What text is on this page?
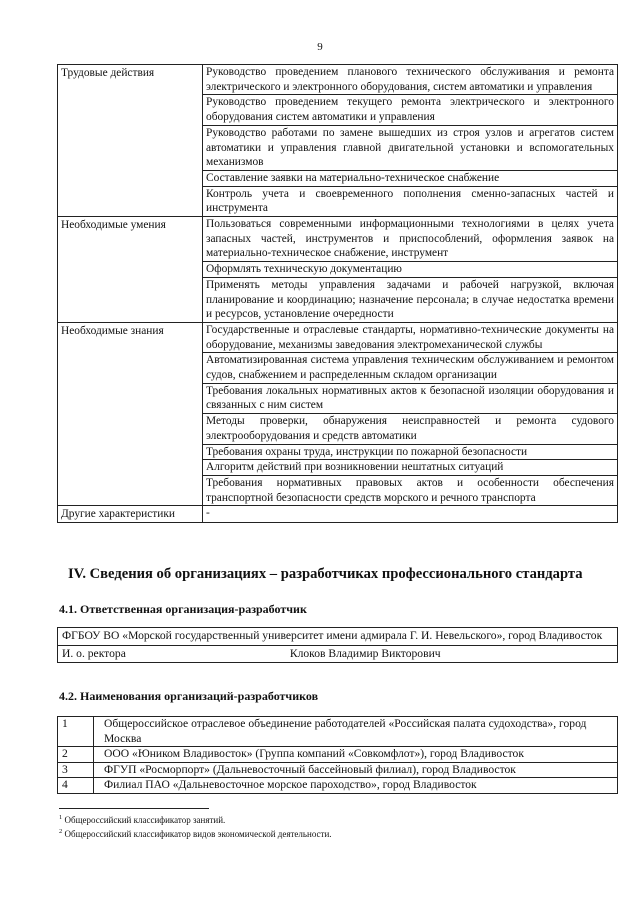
9
Трудовые действия	Руководство проведением планового технического обслуживания и ремонта электрического и электронного оборудования, систем автоматики и управления
	Руководство проведением текущего ремонта электрического и электронного оборудования систем автоматики и управления
	Руководство работами по замене вышедших из строя узлов и агрегатов систем автоматики и управления главной двигательной установки и вспомогательных механизмов
	Составление заявки на материально-техническое снабжение
	Контроль учета и своевременного пополнения сменно-запасных частей и инструмента
Необходимые умения	Пользоваться современными информационными технологиями в целях учета запасных частей, инструментов и приспособлений, оформления заявок на материально-техническое снабжение, инструмент
	Оформлять техническую документацию
	Применять методы управления задачами и рабочей нагрузкой, включая планирование и координацию; назначение персонала; в случае недостатка времени и ресурсов, установление очередности
Необходимые знания	Государственные и отраслевые стандарты, нормативно-технические документы на оборудование, механизмы заведования электромеханической службы
	Автоматизированная система управления техническим обслуживанием и ремонтом судов, снабжением и распределенным складом организации
	Требования локальных нормативных актов к безопасной изоляции оборудования и связанных с ним систем
	Методы проверки, обнаружения неисправностей и ремонта судового электрооборудования и средств автоматики
	Требования охраны труда, инструкции по пожарной безопасности
	Алгоритм действий при возникновении нештатных ситуаций
	Требования нормативных правовых актов и особенности обеспечения транспортной безопасности средств морского и речного транспорта
Другие характеристики	-
IV. Сведения об организациях – разработчиках профессионального стандарта
4.1. Ответственная организация-разработчик
ФГБОУ ВО «Морской государственный университет имени адмирала Г. И. Невельского», город Владивосток
И. о. ректора	Клоков Владимир Викторович
4.2. Наименования организаций-разработчиков
1	Общероссийское отраслевое объединение работодателей «Российская палата судоходства», город Москва
2	ООО «Юником Владивосток» (Группа компаний «Совкомфлот»), город Владивосток
3	ФГУП «Росморпорт» (Дальневосточный бассейновый филиал), город Владивосток
4	Филиал ПАО «Дальневосточное морское пароходство», город Владивосток
$^1$ Общероссийский классификатор занятий.
$^2$ Общероссийский классификатор видов экономической деятельности.
